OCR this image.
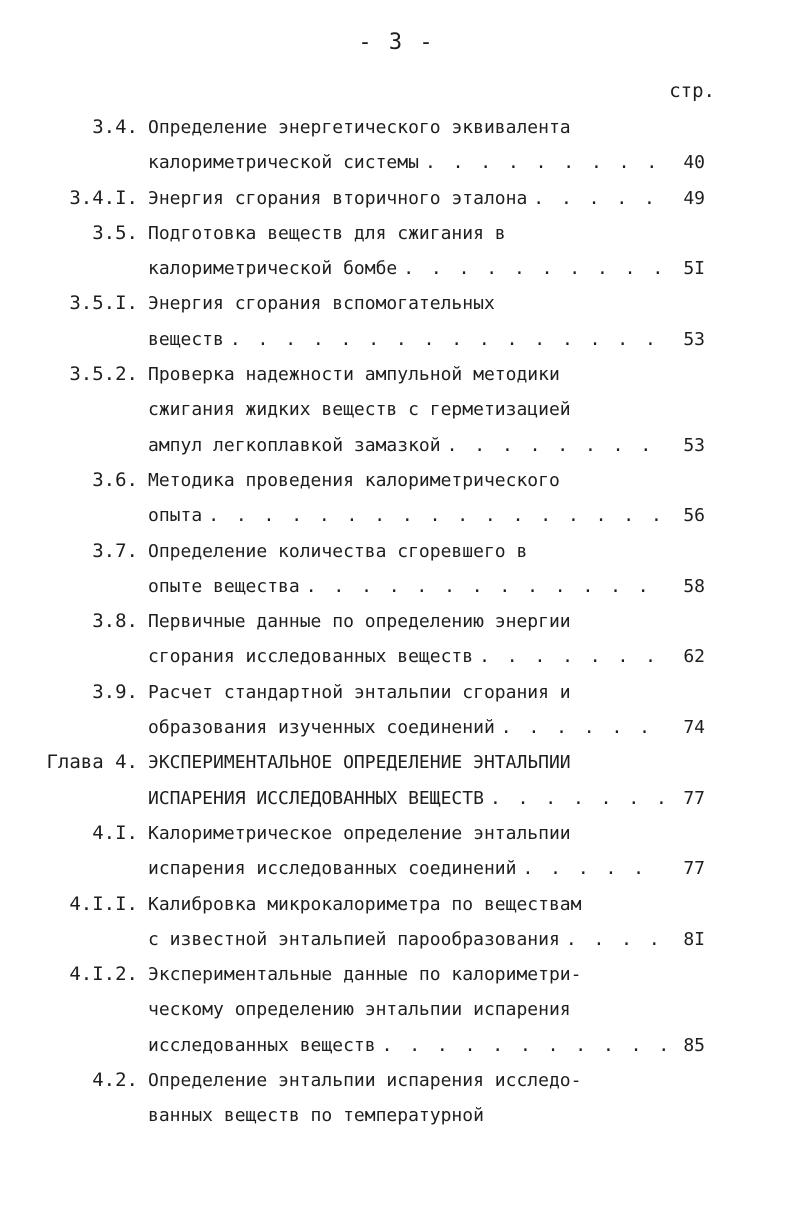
- 3 -
стр.
3.4. Определение энергетического эквивалента
калориметрической системы . . .	40
3.4.I. Энергия сгорания вторичного эталона . . .	49
3.5. Подготовка веществ для сжигания в
калориметрической бомбе . . .	5I
3.5.I. Энергия сгорания вспомогательных
веществ . . .	53
3.5.2. Проверка надежности ампульной методики
сжигания жидких веществ с герметизацией
ампул легкоплавкой замазкой . . .	53
3.6. Методика проведения калориметрического
опыта . . .	56
3.7. Определение количества сгоревшего в
опыте вещества . . .	58
3.8. Первичные данные по определению энергии
сгорания исследованных веществ . . .	62
3.9. Расчет стандартной энтальпии сгорания и
образования изученных соединений . . .	74
Глава 4. ЭКСПЕРИМЕНТАЛЬНОЕ ОПРЕДЕЛЕНИЕ ЭНТАЛЬПИИ
ИСПАРЕНИЯ ИССЛЕДОВАННЫХ ВЕЩЕСТВ . . .	77
4.I. Калориметрическое определение энтальпии
испарения исследованных соединений . . .	77
4.I.I. Калибровка микрокалориметра по веществам
с известной энтальпией парообразования . . .	8I
4.I.2. Экспериментальные данные по калориметри-
ческому определению энтальпии испарения
исследованных веществ . . .	85
4.2. Определение энтальпии испарения исследо-
ванных веществ по температурной
